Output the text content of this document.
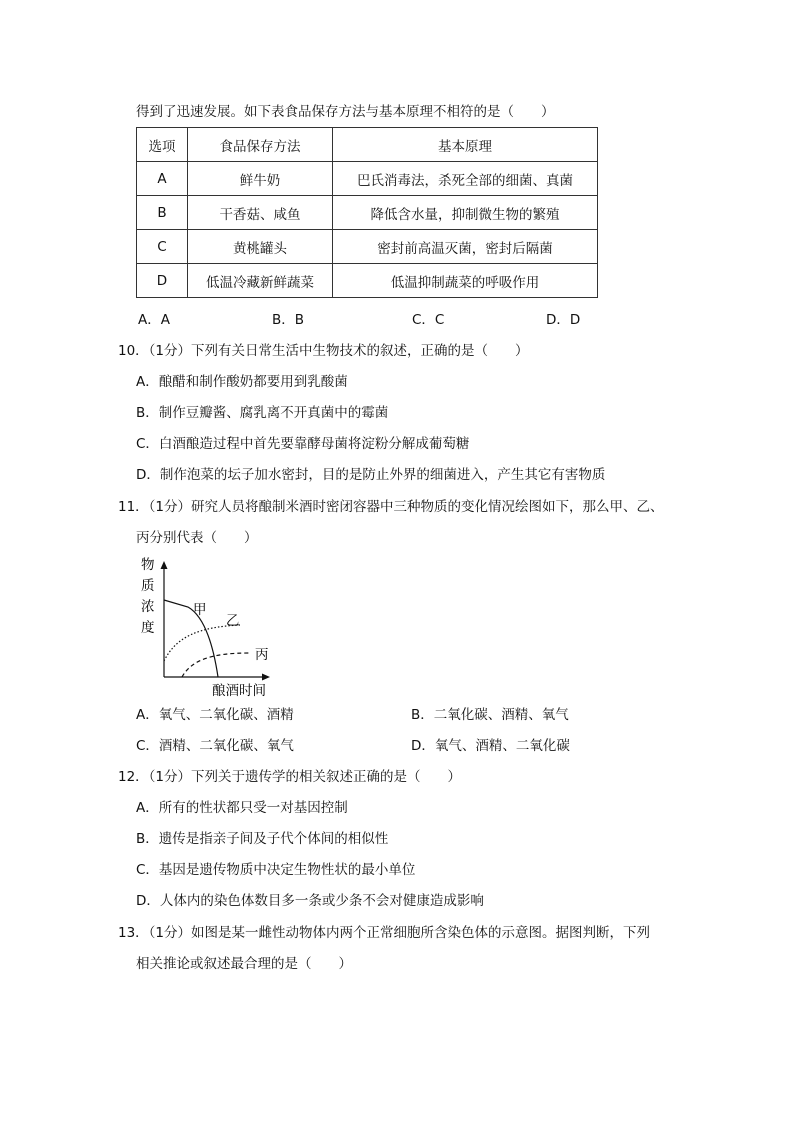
得到了迅速发展。如下表食品保存方法与基本原理不相符的是（　　）
选项	食品保存方法	基本原理
A	鲜牛奶	巴氏消毒法，杀死全部的细菌、真菌
B	干香菇、咸鱼	降低含水量，抑制微生物的繁殖
C	黄桃罐头	密封前高温灭菌，密封后隔菌
D	低温冷藏新鲜蔬菜	低温抑制蔬菜的呼吸作用
A．A	B．B	C．C	D．D
10．（1分）下列有关日常生活中生物技术的叙述，正确的是（　　）
A．酿醋和制作酸奶都要用到乳酸菌
B．制作豆瓣酱、腐乳离不开真菌中的霉菌
C．白酒酿造过程中首先要靠酵母菌将淀粉分解成葡萄糖
D．制作泡菜的坛子加水密封，目的是防止外界的细菌进入，产生其它有害物质
11．（1分）研究人员将酿制米酒时密闭容器中三种物质的变化情况绘图如下，那么甲、乙、
丙分别代表（　　）
物
质
浓
度
甲
乙
丙
酿酒时间
A．氧气、二氧化碳、酒精	B．二氧化碳、酒精、氧气
C．酒精、二氧化碳、氧气	D．氧气、酒精、二氧化碳
12．（1分）下列关于遗传学的相关叙述正确的是（　　）
A．所有的性状都只受一对基因控制
B．遗传是指亲子间及子代个体间的相似性
C．基因是遗传物质中决定生物性状的最小单位
D．人体内的染色体数目多一条或少条不会对健康造成影响
13．（1分）如图是某一雌性动物体内两个正常细胞所含染色体的示意图。据图判断，下列
相关推论或叙述最合理的是（　　）
